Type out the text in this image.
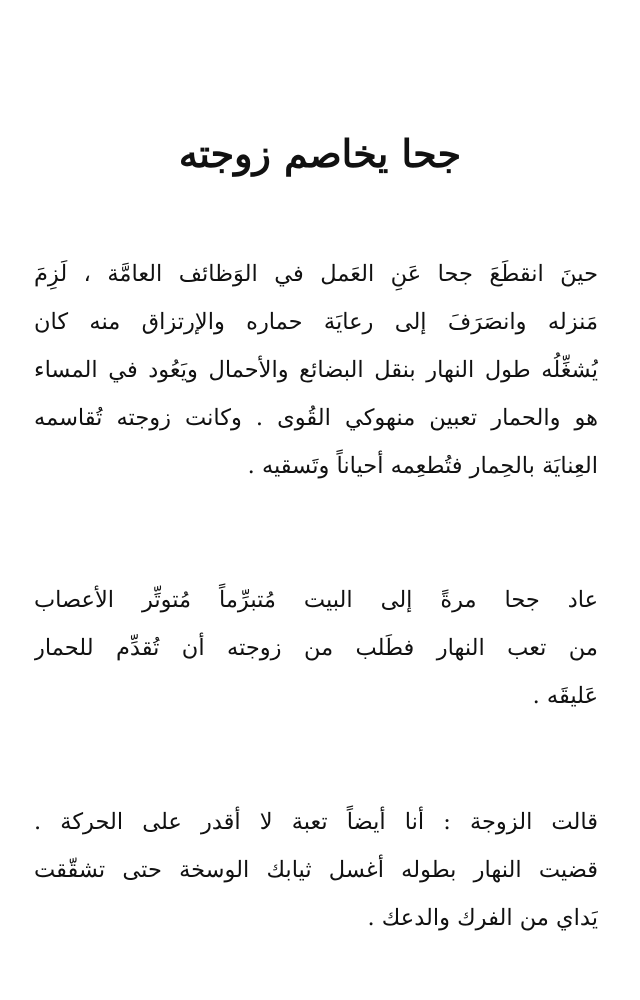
جحا يخاصم زوجته

حينَ انقطَعَ جحا عَنِ العَمل في الوَظائف العامَّة ، لَزِمَ
مَنزله وانصَرَفَ إلى رعايَة حماره والإرتزاق منه كان
يُشغِّلُه طول النهار بنقل البضائع والأحمال ويَعُود في المساء
هو والحمار تعبين منهوكي القُوى . وكانت زوجته تُقاسمه
العِنايَة بالحِمار فتُطعِمه أحياناً وتَسقيه .

عاد جحا مرةً إلى البيت مُتبرِّماً مُتوتِّر الأعصاب
من تعب النهار فطَلب من زوجته أن تُقدِّم للحمار
عَليقَه .

قالت الزوجة : أنا أيضاً تعبة لا أقدر على الحركة .
قضيت النهار بطوله أغسل ثيابك الوسخة حتى تشقّقت
يَداي من الفرك والدعك .
